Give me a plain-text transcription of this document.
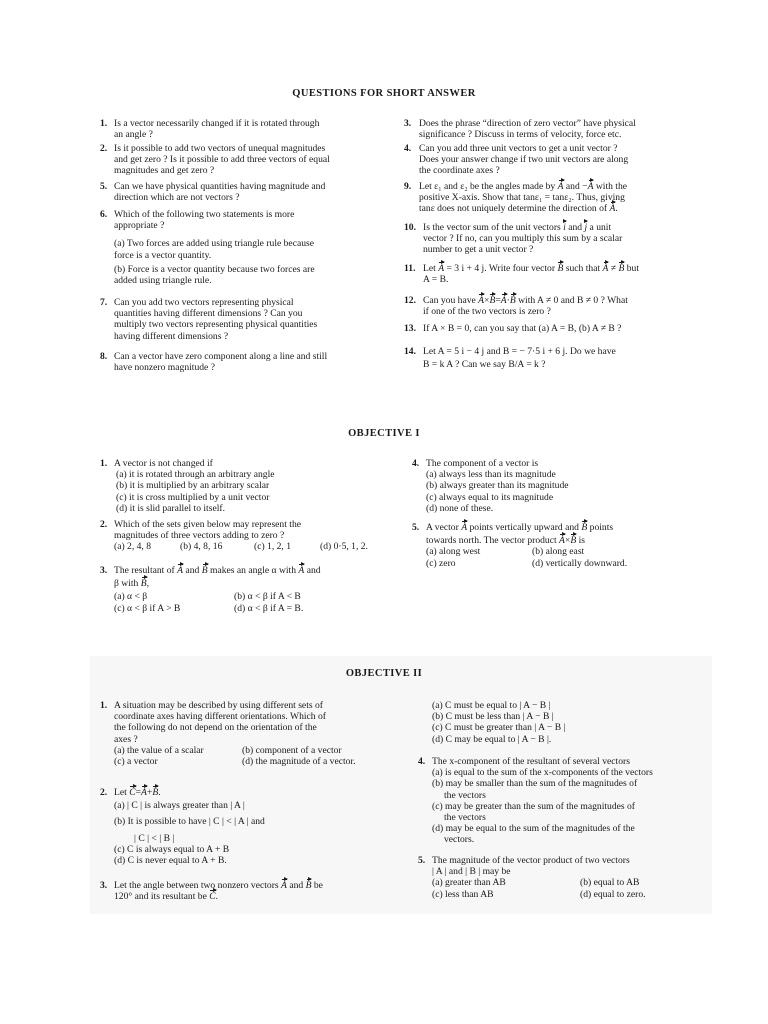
QUESTIONS FOR SHORT ANSWER
1. Is a vector necessarily changed if it is rotated through
an angle ?
2. Is it possible to add two vectors of unequal magnitudes
and get zero ? Is it possible to add three vectors of equal
magnitudes and get zero ?
5. Can we have physical quantities having magnitude and
direction which are not vectors ?
6. Which of the following two statements is more
appropriate ?
(a) Two forces are added using triangle rule because
force is a vector quantity.
(b) Force is a vector quantity because two forces are
added using triangle rule.
7. Can you add two vectors representing physical
quantities having different dimensions ? Can you
multiply two vectors representing physical quantities
having different dimensions ?
8. Can a vector have zero component along a line and still
have nonzero magnitude ?
3. Does the phrase “direction of zero vector” have physical
significance ? Discuss in terms of velocity, force etc.
4. Can you add three unit vectors to get a unit vector ?
Does your answer change if two unit vectors are along
the coordinate axes ?
9. Let ε₁ and ε₂ be the angles made by A and −A with the
positive X-axis. Show that tanε₁ = tanε₂. Thus, giving
tanε does not uniquely determine the direction of A.
10. Is the vector sum of the unit vectors i and j a unit
vector ? If no, can you multiply this sum by a scalar
number to get a unit vector ?
11. Let A = 3 i + 4 j. Write four vector B such that A ≠ B but
A = B.
12. Can you have A×B=A·B with A ≠ 0 and B ≠ 0 ? What
if one of the two vectors is zero ?
13. If A × B = 0, can you say that (a) A = B, (b) A ≠ B ?
14. Let A = 5 i − 4 j and B = − 7·5 i + 6 j. Do we have
B = k A ? Can we say B/A = k ?
OBJECTIVE I
1. A vector is not changed if
(a) it is rotated through an arbitrary angle
(b) it is multiplied by an arbitrary scalar
(c) it is cross multiplied by a unit vector
(d) it is slid parallel to itself.
2. Which of the sets given below may represent the
magnitudes of three vectors adding to zero ?
(a) 2, 4, 8	(b) 4, 8, 16	(c) 1, 2, 1	(d) 0·5, 1, 2.
3. The resultant of A and B makes an angle α with A and
β with B,
(a) α < β	(b) α < β if A < B
(c) α < β if A > B	(d) α < β if A = B.
4. The component of a vector is
(a) always less than its magnitude
(b) always greater than its magnitude
(c) always equal to its magnitude
(d) none of these.
5. A vector A points vertically upward and B points
towards north. The vector product A×B is
(a) along west	(b) along east
(c) zero	(d) vertically downward.
OBJECTIVE II
1. A situation may be described by using different sets of
coordinate axes having different orientations. Which of
the following do not depend on the orientation of the
axes ?
(a) the value of a scalar	(b) component of a vector
(c) a vector	(d) the magnitude of a vector.
2. Let C=A+B.
(a) | C | is always greater than | A |
(b) It is possible to have | C | < | A | and
| C | < | B |
(c) C is always equal to A + B
(d) C is never equal to A + B.
3. Let the angle between two nonzero vectors A and B be
120° and its resultant be C.
(a) C must be equal to | A − B |
(b) C must be less than | A − B |
(c) C must be greater than | A − B |
(d) C may be equal to | A − B |.
4. The x-component of the resultant of several vectors
(a) is equal to the sum of the x-components of the vectors
(b) may be smaller than the sum of the magnitudes of
the vectors
(c) may be greater than the sum of the magnitudes of
the vectors
(d) may be equal to the sum of the magnitudes of the
vectors.
5. The magnitude of the vector product of two vectors
| A | and | B | may be
(a) greater than AB	(b) equal to AB
(c) less than AB	(d) equal to zero.
